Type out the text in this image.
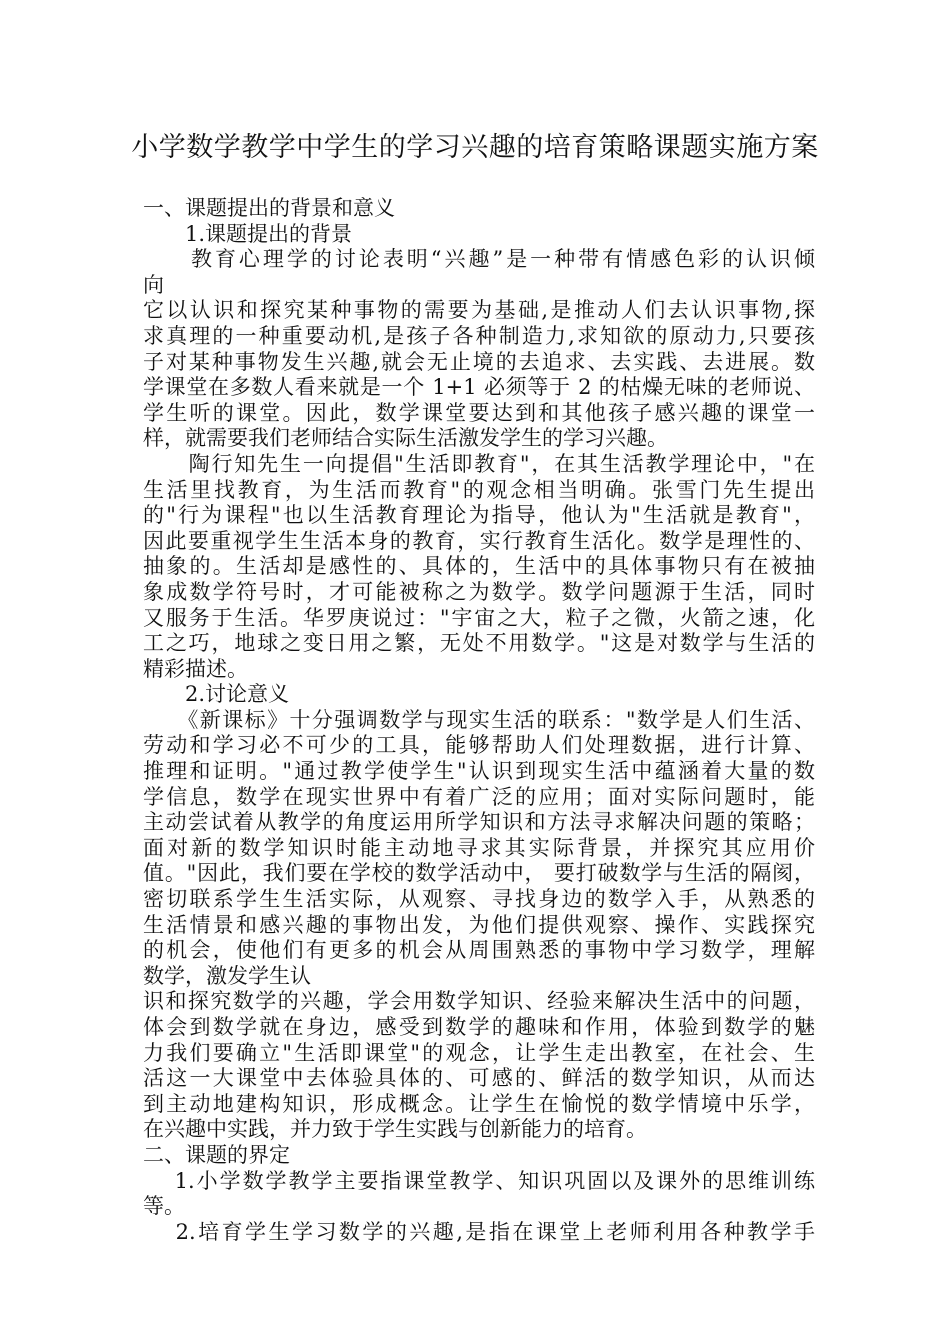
小学数学教学中学生的学习兴趣的培育策略课题实施方案
一、课题提出的背景和意义
　　1.课题提出的背景
　　教育心理学的讨论表明“兴趣”是一种带有情感色彩的认识倾
向
它以认识和探究某种事物的需要为基础,是推动人们去认识事物,探
求真理的一种重要动机,是孩子各种制造力,求知欲的原动力,只要孩
子对某种事物发生兴趣,就会无止境的去追求、去实践、去进展。数
学课堂在多数人看来就是一个 1+1 必须等于 2 的枯燥无味的老师说、
学生听的课堂。因此，数学课堂要达到和其他孩子感兴趣的课堂一
样，就需要我们老师结合实际生活激发学生的学习兴趣。
　　陶行知先生一向提倡"生活即教育"，在其生活教学理论中，"在
生活里找教育，为生活而教育"的观念相当明确。张雪门先生提出
的"行为课程"也以生活教育理论为指导，他认为"生活就是教育"，
因此要重视学生生活本身的教育，实行教育生活化。数学是理性的、
抽象的。生活却是感性的、具体的，生活中的具体事物只有在被抽
象成数学符号时，才可能被称之为数学。数学问题源于生活，同时
又服务于生活。华罗庚说过："宇宙之大，粒子之微，火箭之速，化
工之巧，地球之变日用之繁，无处不用数学。"这是对数学与生活的
精彩描述。
　　2.讨论意义
　　《新课标》十分强调数学与现实生活的联系："数学是人们生活、
劳动和学习必不可少的工具，能够帮助人们处理数据，进行计算、
推理和证明。"通过教学使学生"认识到现实生活中蕴涵着大量的数
学信息，数学在现实世界中有着广泛的应用；面对实际问题时，能
主动尝试着从教学的角度运用所学知识和方法寻求解决问题的策略；
面对新的数学知识时能主动地寻求其实际背景，并探究其应用价
值。"因此，我们要在学校的数学活动中， 要打破数学与生活的隔阂，
密切联系学生生活实际，从观察、寻找身边的数学入手，从熟悉的
生活情景和感兴趣的事物出发，为他们提供观察、操作、实践探究
的机会，使他们有更多的机会从周围熟悉的事物中学习数学，理解
数学，激发学生认
识和探究数学的兴趣，学会用数学知识、经验来解决生活中的问题，
体会到数学就在身边，感受到数学的趣味和作用，体验到数学的魅
力我们要确立"生活即课堂"的观念，让学生走出教室，在社会、生
活这一大课堂中去体验具体的、可感的、鲜活的数学知识，从而达
到主动地建构知识，形成概念。让学生在愉悦的数学情境中乐学，
在兴趣中实践，并力致于学生实践与创新能力的培育。
二、课题的界定
　 1.小学数学教学主要指课堂教学、知识巩固以及课外的思维训练
等。
　 2.培育学生学习数学的兴趣,是指在课堂上老师利用各种教学手
